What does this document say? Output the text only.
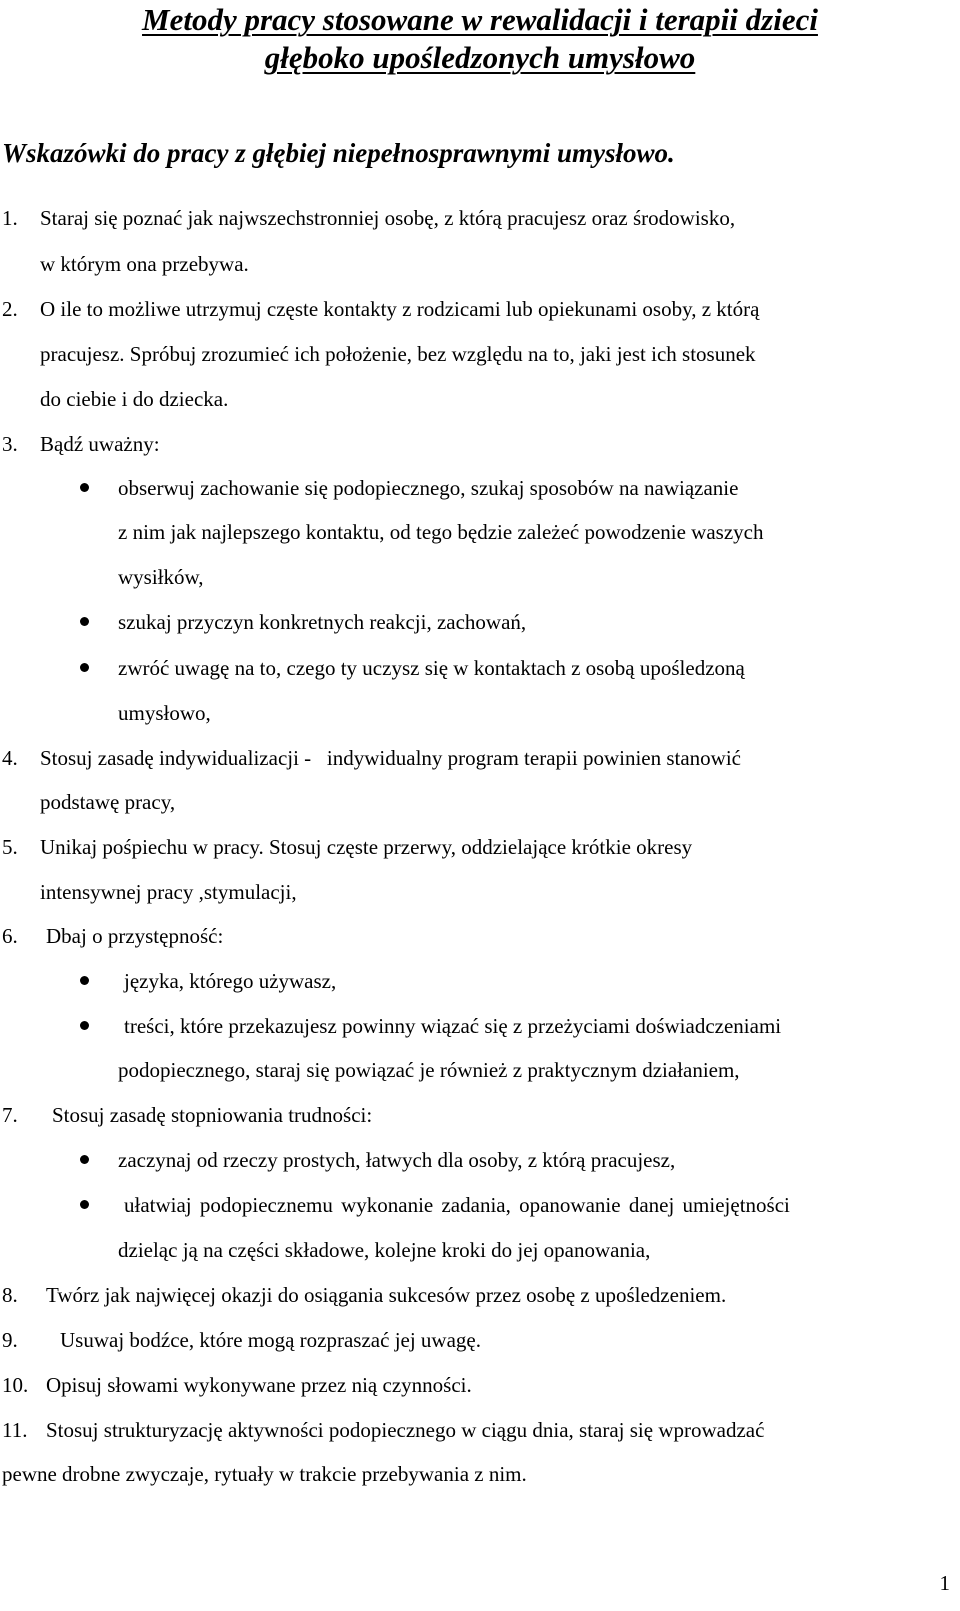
Metody pracy stosowane w rewalidacji i terapii dzieci
głęboko upośledzonych umysłowo
Wskazówki do pracy z głębiej niepełnosprawnymi umysłowo.
1. Staraj się poznać jak najwszechstronniej osobę, z którą pracujesz oraz środowisko,
w którym ona przebywa.
2. O ile to możliwe utrzymuj częste kontakty z rodzicami lub opiekunami osoby, z którą
pracujesz. Spróbuj zrozumieć ich położenie, bez względu na to, jaki jest ich stosunek
do ciebie i do dziecka.
3. Bądź uważny:
obserwuj zachowanie się podopiecznego, szukaj sposobów na nawiązanie
z nim jak najlepszego kontaktu, od tego będzie zależeć powodzenie waszych
wysiłków,
szukaj przyczyn konkretnych reakcji, zachowań,
zwróć uwagę na to, czego ty uczysz się w kontaktach z osobą upośledzoną
umysłowo,
4. Stosuj zasadę indywidualizacji -   indywidualny program terapii powinien stanowić
podstawę pracy,
5. Unikaj pośpiechu w pracy. Stosuj częste przerwy, oddzielające krótkie okresy
intensywnej pracy ,stymulacji,
6. Dbaj o przystępność:
języka, którego używasz,
treści, które przekazujesz powinny wiązać się z przeżyciami doświadczeniami
podopiecznego, staraj się powiązać je również z praktycznym działaniem,
7. Stosuj zasadę stopniowania trudności:
zaczynaj od rzeczy prostych, łatwych dla osoby, z którą pracujesz,
ułatwiaj podopiecznemu wykonanie zadania, opanowanie danej umiejętności
dzieląc ją na części składowe, kolejne kroki do jej opanowania,
8. Twórz jak najwięcej okazji do osiągania sukcesów przez osobę z upośledzeniem.
9. Usuwaj bodźce, które mogą rozpraszać jej uwagę.
10. Opisuj słowami wykonywane przez nią czynności.
11. Stosuj strukturyzację aktywności podopiecznego w ciągu dnia, staraj się wprowadzać
pewne drobne zwyczaje, rytuały w trakcie przebywania z nim.
1
